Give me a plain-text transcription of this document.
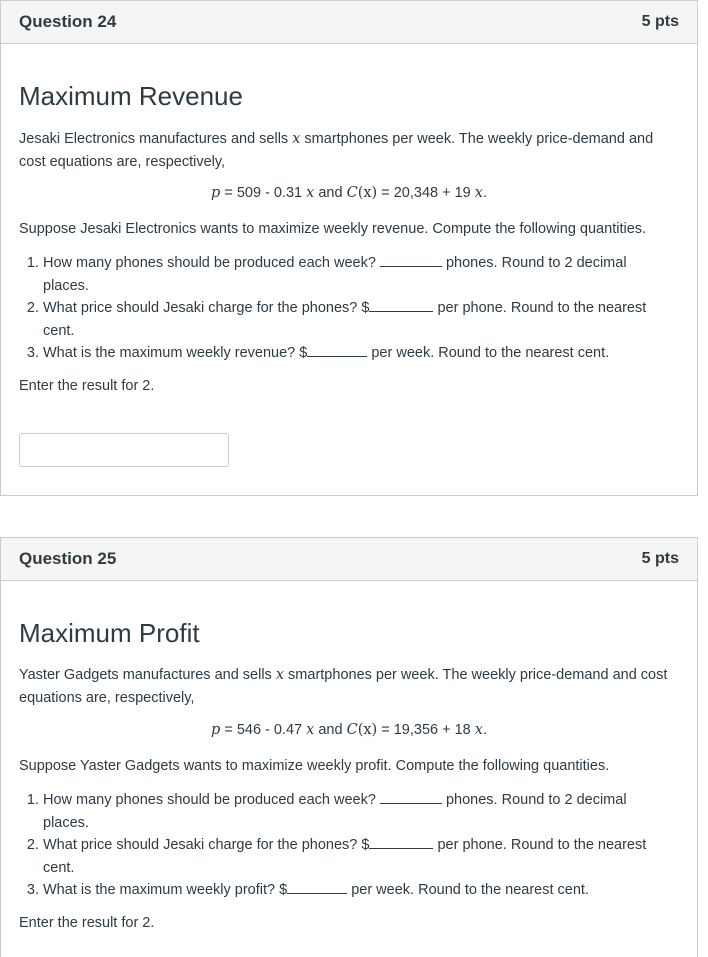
Question 24	5 pts
Maximum Revenue
Jesaki Electronics manufactures and sells x smartphones per week. The weekly price-demand and cost equations are, respectively,
p = 509 - 0.31 x and C(x) = 20,348 + 19 x.
Suppose Jesaki Electronics wants to maximize weekly revenue. Compute the following quantities.
1. How many phones should be produced each week?	phones. Round to 2 decimal places.
2. What price should Jesaki charge for the phones? $	per phone. Round to the nearest cent.
3. What is the maximum weekly revenue? $	per week. Round to the nearest cent.
Enter the result for 2.
Question 25	5 pts
Maximum Profit
Yaster Gadgets manufactures and sells x smartphones per week. The weekly price-demand and cost equations are, respectively,
p = 546 - 0.47 x and C(x) = 19,356 + 18 x.
Suppose Yaster Gadgets wants to maximize weekly profit. Compute the following quantities.
1. How many phones should be produced each week?	phones. Round to 2 decimal places.
2. What price should Jesaki charge for the phones? $	per phone. Round to the nearest cent.
3. What is the maximum weekly profit? $	per week. Round to the nearest cent.
Enter the result for 2.
